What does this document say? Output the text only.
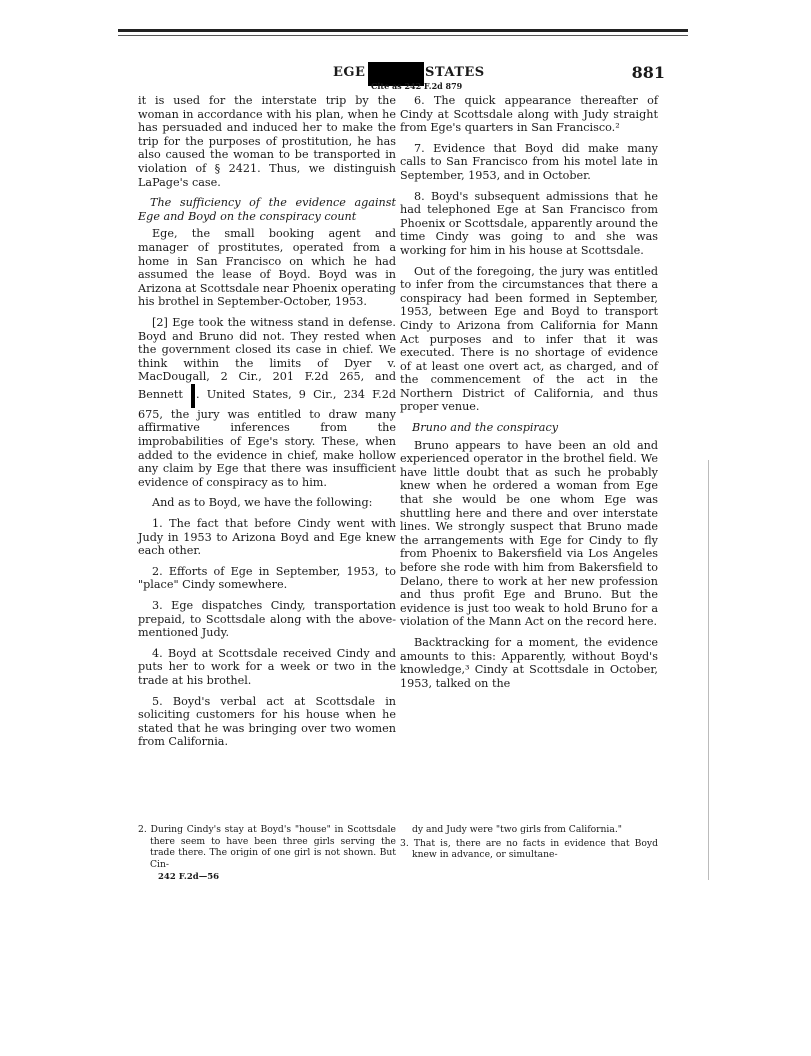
EGE	STATES	881
Cite as 242 F.2d 879

it is used for the interstate trip by the woman in accordance with his plan, when he has persuaded and induced her to make the trip for the purposes of prostitution, he has also caused the woman to be transported in violation of § 2421. Thus, we distinguish LaPage's case.

The sufficiency of the evidence against Ege and Boyd on the conspiracy count

Ege, the small booking agent and manager of prostitutes, operated from a home in San Francisco on which he had assumed the lease of Boyd. Boyd was in Arizona at Scottsdale near Phoenix operating his brothel in September-October, 1953.

[2] Ege took the witness stand in defense. Boyd and Bruno did not. They rested when the government closed its case in chief. We think within the limits of Dyer v. MacDougall, 2 Cir., 201 F.2d 265, and Bennett . United States, 9 Cir., 234 F.2d 675, the jury was entitled to draw many affirmative inferences from the improbabilities of Ege's story. These, when added to the evidence in chief, make hollow any claim by Ege that there was insufficient evidence of conspiracy as to him.

And as to Boyd, we have the following:

1. The fact that before Cindy went with Judy in 1953 to Arizona Boyd and Ege knew each other.

2. Efforts of Ege in September, 1953, to "place" Cindy somewhere.

3. Ege dispatches Cindy, transportation prepaid, to Scottsdale along with the above-mentioned Judy.

4. Boyd at Scottsdale received Cindy and puts her to work for a week or two in the trade at his brothel.

5. Boyd's verbal act at Scottsdale in soliciting customers for his house when he stated that he was bringing over two women from California.

6. The quick appearance thereafter of Cindy at Scottsdale along with Judy straight from Ege's quarters in San Francisco.²

7. Evidence that Boyd did make many calls to San Francisco from his motel late in September, 1953, and in October.

8. Boyd's subsequent admissions that he had telephoned Ege at San Francisco from Phoenix or Scottsdale, apparently around the time Cindy was going to and she was working for him in his house at Scottsdale.

Out of the foregoing, the jury was entitled to infer from the circumstances that there a conspiracy had been formed in September, 1953, between Ege and Boyd to transport Cindy to Arizona from California for Mann Act purposes and to infer that it was executed. There is no shortage of evidence of at least one overt act, as charged, and of the commencement of the act in the Northern District of California, and thus proper venue.

Bruno and the conspiracy

Bruno appears to have been an old and experienced operator in the brothel field. We have little doubt that as such he probably knew when he ordered a woman from Ege that she would be one whom Ege was shuttling here and there and over interstate lines. We strongly suspect that Bruno made the arrangements with Ege for Cindy to fly from Phoenix to Bakersfield via Los Angeles before she rode with him from Bakersfield to Delano, there to work at her new profession and thus profit Ege and Bruno. But the evidence is just too weak to hold Bruno for a violation of the Mann Act on the record here.

Backtracking for a moment, the evidence amounts to this: Apparently, without Boyd's knowledge,³ Cindy at Scottsdale in October, 1953, talked on the

2. During Cindy's stay at Boyd's "house" in Scottsdale there seem to have been three girls serving the trade there. The origin of one girl is not shown. But Cin-

242 F.2d—56

dy and Judy were "two girls from California."

3. That is, there are no facts in evidence that Boyd knew in advance, or simultane-
